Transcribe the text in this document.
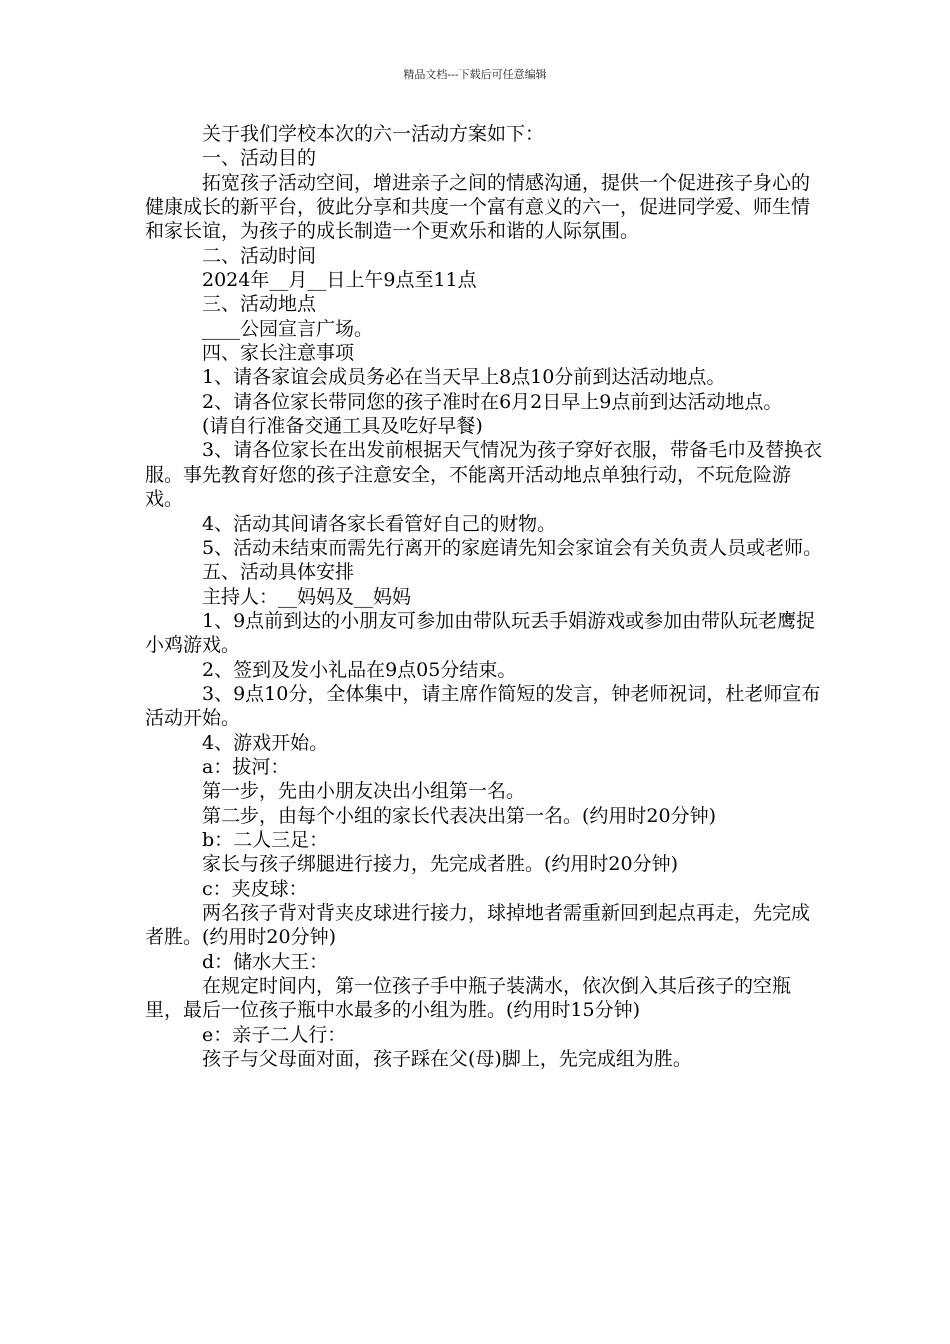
精品文档---下载后可任意编辑

关于我们学校本次的六一活动方案如下：

一、活动目的

拓宽孩子活动空间，增进亲子之间的情感沟通，提供一个促进孩子身心的健康成长的新平台，彼此分享和共度一个富有意义的六一，促进同学爱、师生情和家长谊，为孩子的成长制造一个更欢乐和谐的人际氛围。

二、活动时间

2024年__月__日上午9点至11点

三、活动地点

____公园宣言广场。

四、家长注意事项

1、请各家谊会成员务必在当天早上8点10分前到达活动地点。

2、请各位家长带同您的孩子准时在6月2日早上9点前到达活动地点。

(请自行准备交通工具及吃好早餐)

3、请各位家长在出发前根据天气情况为孩子穿好衣服，带备毛巾及替换衣服。事先教育好您的孩子注意安全，不能离开活动地点单独行动，不玩危险游戏。

4、活动其间请各家长看管好自己的财物。

5、活动未结束而需先行离开的家庭请先知会家谊会有关负责人员或老师。

五、活动具体安排

主持人：__妈妈及__妈妈

1、9点前到达的小朋友可参加由带队玩丢手娟游戏或参加由带队玩老鹰捉小鸡游戏。

2、签到及发小礼品在9点05分结束。

3、9点10分，全体集中，请主席作简短的发言，钟老师祝词，杜老师宣布活动开始。

4、游戏开始。

a：拔河：

第一步，先由小朋友决出小组第一名。

第二步，由每个小组的家长代表决出第一名。(约用时20分钟)

b：二人三足：

家长与孩子绑腿进行接力，先完成者胜。(约用时20分钟)

c：夹皮球：

两名孩子背对背夹皮球进行接力，球掉地者需重新回到起点再走，先完成者胜。(约用时20分钟)

d：储水大王：

在规定时间内，第一位孩子手中瓶子装满水，依次倒入其后孩子的空瓶里，最后一位孩子瓶中水最多的小组为胜。(约用时15分钟)

e：亲子二人行：

孩子与父母面对面，孩子踩在父(母)脚上，先完成组为胜。
